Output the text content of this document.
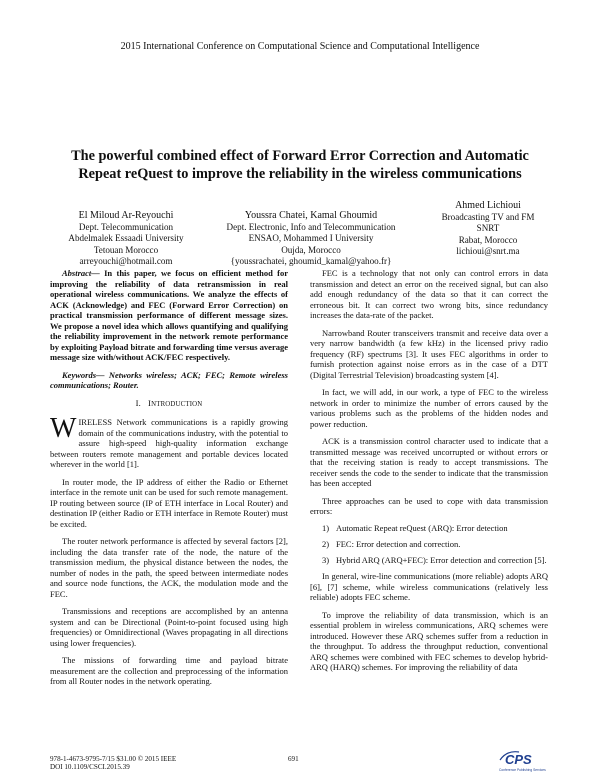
2015 International Conference on Computational Science and Computational Intelligence
The powerful combined effect of Forward Error Correction and Automatic
Repeat reQuest to improve the reliability in the wireless communications
El Miloud Ar-Reyouchi
Dept. Telecommunication
Abdelmalek Essaadi University
Tetouan Morocco
arreyouchi@hotmail.com
Youssra Chatei, Kamal Ghoumid
Dept. Electronic, Info and Telecommunication
ENSAO, Mohammed I University
Oujda, Morocco
{youssrachatei, ghoumid_kamal@yahoo.fr}
Ahmed Lichioui
Broadcasting TV and FM
SNRT
Rabat, Morocco
lichioui@snrt.ma

Abstract— In this paper, we focus on efficient method for improving the reliability of data retransmission in real operational wireless communications. We analyze the effects of ACK (Acknowledge) and FEC (Forward Error Correction) on practical transmission performance of different message sizes. We propose a novel idea which allows quantifying and qualifying the reliability improvement in the network remote performance by exploiting Payload bitrate and forwarding time versus average message size with/without ACK/FEC respectively.

Keywords— Networks wireless; ACK; FEC; Remote wireless communications; Router.

I. INTRODUCTION

WIRELESS Network communications is a rapidly growing domain of the communications industry, with the potential to assure high-speed high-quality information exchange between routers remote management and portable devices located wherever in the world [1].

In router mode, the IP address of either the Radio or Ethernet interface in the remote unit can be used for such remote management. IP routing between source (IP of ETH interface in Local Router) and destination IP (either Radio or ETH interface in Remote Router) must be excited.

The router network performance is affected by several factors [2], including the data transfer rate of the node, the nature of the transmission medium, the physical distance between the nodes, the number of nodes in the path, the speed between intermediate nodes and source node functions, the ACK, the modulation mode and the FEC.

Transmissions and receptions are accomplished by an antenna system and can be Directional (Point-to-point focused using high frequencies) or Omnidirectional (Waves propagating in all directions using lower frequencies).

The missions of forwarding time and payload bitrate measurement are the collection and preprocessing of the information from all Router nodes in the network operating.

FEC is a technology that not only can control errors in data transmission and detect an error on the received signal, but can also add enough redundancy of the data so that it can correct the erroneous bit. It can correct two wrong bits, since redundancy increases the data-rate of the packet.

Narrowband Router transceivers transmit and receive data over a very narrow bandwidth (a few kHz) in the licensed privy radio frequency (RF) spectrums [3]. It uses FEC algorithms in order to furnish protection against noise errors as in the case of a DTT (Digital Terrestrial Television) broadcasting system [4].

In fact, we will add, in our work, a type of FEC to the wireless network in order to minimize the number of errors caused by the various problems such as the problems of the hidden nodes and power reduction.

ACK is a transmission control character used to indicate that a transmitted message was received uncorrupted or without errors or that the receiving station is ready to accept transmissions. The receiver sends the code to the sender to indicate that the transmission has been accepted

Three approaches can be used to cope with data transmission errors:

1) Automatic Repeat reQuest (ARQ): Error detection
2) FEC: Error detection and correction.
3) Hybrid ARQ (ARQ+FEC): Error detection and correction [5].

In general, wire-line communications (more reliable) adopts ARQ [6], [7] scheme, while wireless communications (relatively less reliable) adopts FEC scheme.

To improve the reliability of data transmission, which is an essential problem in wireless communications, ARQ schemes were introduced. However these ARQ schemes suffer from a reduction in the throughput. To address the throughput reduction, conventional ARQ schemes were combined with FEC schemes to develop hybrid-ARQ (HARQ) schemes. For improving the reliability of data

978-1-4673-9795-7/15 $31.00 © 2015 IEEE
DOI 10.1109/CSCI.2015.39
691	CPS
Conference Publishing Services
